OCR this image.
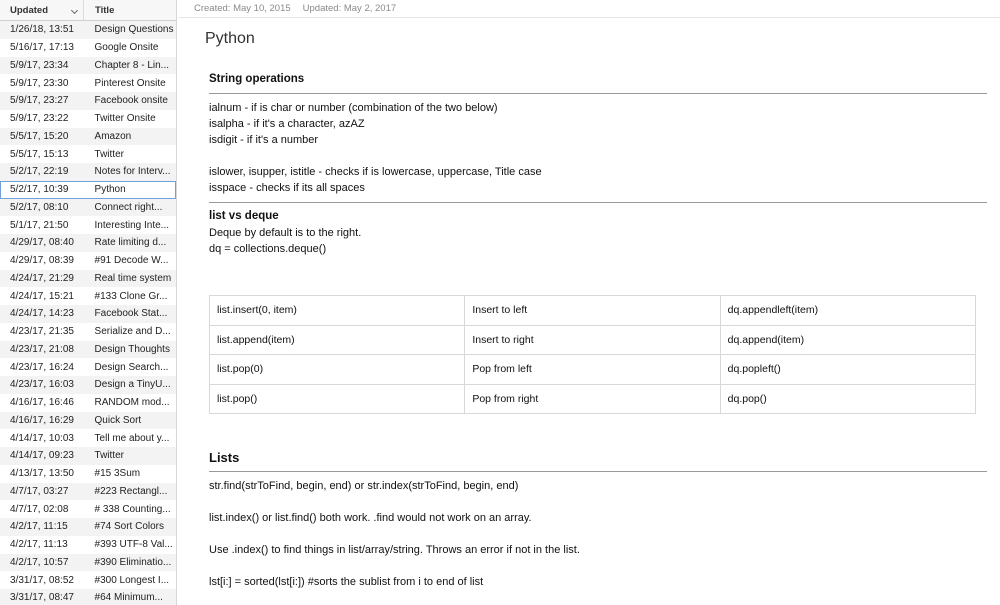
Updated	Title
1/26/18, 13:51	Design Questions
5/16/17, 17:13	Google Onsite
5/9/17, 23:34	Chapter 8 - Lin...
5/9/17, 23:30	Pinterest Onsite
5/9/17, 23:27	Facebook onsite
5/9/17, 23:22	Twitter Onsite
5/5/17, 15:20	Amazon
5/5/17, 15:13	Twitter
5/2/17, 22:19	Notes for Interv...
5/2/17, 10:39	Python
5/2/17, 08:10	Connect right...
5/1/17, 21:50	Interesting Inte...
4/29/17, 08:40	Rate limiting d...
4/29/17, 08:39	#91 Decode W...
4/24/17, 21:29	Real time system
4/24/17, 15:21	#133 Clone Gr...
4/24/17, 14:23	Facebook Stat...
4/23/17, 21:35	Serialize and D...
4/23/17, 21:08	Design Thoughts
4/23/17, 16:24	Design Search...
4/23/17, 16:03	Design a TinyU...
4/16/17, 16:46	RANDOM mod...
4/16/17, 16:29	Quick Sort
4/14/17, 10:03	Tell me about y...
4/14/17, 09:23	Twitter
4/13/17, 13:50	#15 3Sum
4/7/17, 03:27	#223 Rectangl...
4/7/17, 02:08	# 338 Counting...
4/2/17, 11:15	#74 Sort Colors
4/2/17, 11:13	#393 UTF-8 Val...
4/2/17, 10:57	#390 Eliminatio...
3/31/17, 08:52	#300 Longest I...
3/31/17, 08:47	#64 Minimum...
Created: May 10, 2015 Updated: May 2, 2017
Python
String operations
ialnum - if is char or number (combination of the two below)
isalpha - if it's a character, azAZ
isdigit - if it's a number
islower, isupper, istitle - checks if is lowercase, uppercase, Title case
isspace - checks if its all spaces
list vs deque
Deque by default is to the right.
dq = collections.deque()
list.insert(0, item)	Insert to left	dq.appendleft(item)
list.append(item)	Insert to right	dq.append(item)
list.pop(0)	Pop from left	dq.popleft()
list.pop()	Pop from right	dq.pop()
Lists
str.find(strToFind, begin, end) or str.index(strToFind, begin, end)
list.index() or list.find() both work. .find would not work on an array.
Use .index() to find things in list/array/string. Throws an error if not in the list.
lst[i:] = sorted(lst[i:]) #sorts the sublist from i to end of list
